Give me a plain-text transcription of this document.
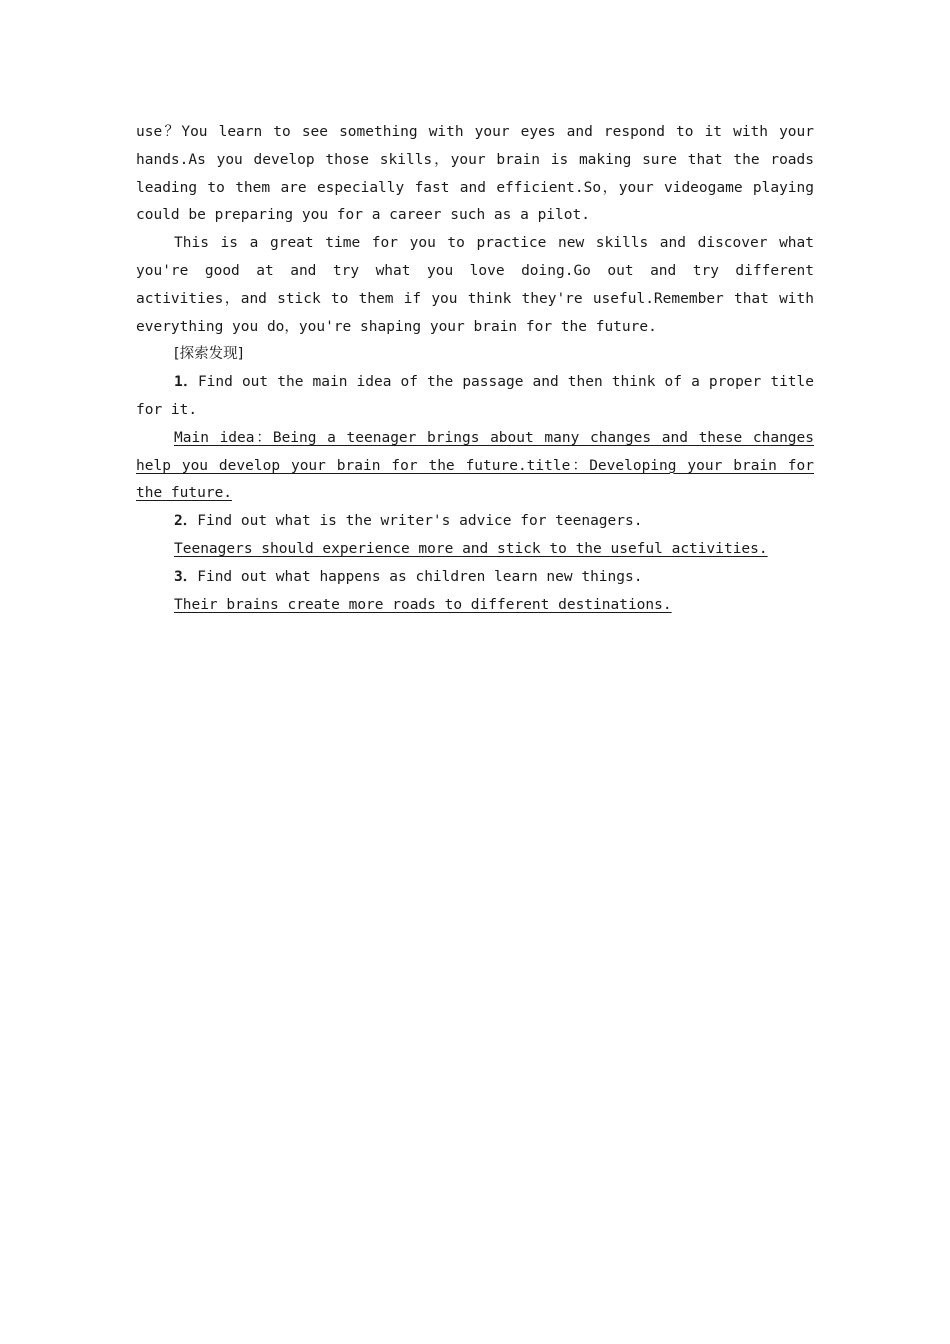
use？You learn to see something with your eyes and respond to it with your hands.As you develop those skills，your brain is making sure that the roads leading to them are especially fast and efficient.So，your videogame playing could be preparing you for a career such as a pilot.

This is a great time for you to practice new skills and discover what you're good at and try what you love doing.Go out and try different activities，and stick to them if you think they're useful.Remember that with everything you do，you're shaping your brain for the future.

[探索发现]

1．Find out the main idea of the passage and then think of a proper title for it.

Main idea：Being a teenager brings about many changes and these changes help you develop your brain for the future.title：Developing your brain for the future.

2．Find out what is the writer's advice for teenagers.

Teenagers should experience more and stick to the useful activities.

3．Find out what happens as children learn new things.

Their brains create more roads to different destinations.
